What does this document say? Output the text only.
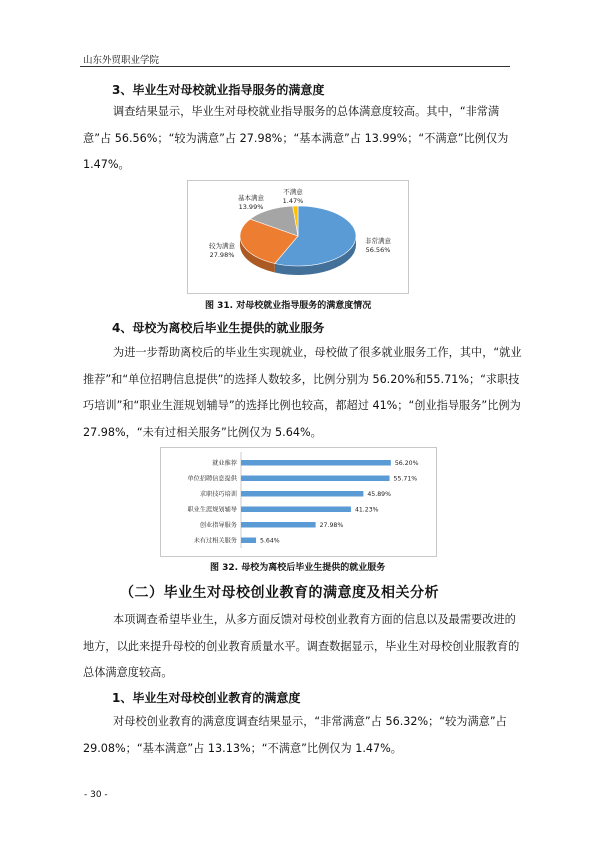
山东外贸职业学院
3、毕业生对母校就业指导服务的满意度
调查结果显示，毕业生对母校就业指导服务的总体满意度较高。其中，“非常满意”占 56.56%；“较为满意”占 27.98%；“基本满意”占 13.99%；“不满意”比例仅为 1.47%。
非常满意
56.56%
较为满意
27.98%
基本满意
13.99%
不满意
1.47%
图 31. 对母校就业指导服务的满意度情况
4、母校为离校后毕业生提供的就业服务
为进一步帮助离校后的毕业生实现就业，母校做了很多就业服务工作，其中，“就业推荐”和“单位招聘信息提供”的选择人数较多，比例分别为 56.20%和55.71%；“求职技巧培训”和“职业生涯规划辅导”的选择比例也较高，都超过 41%；“创业指导服务”比例为 27.98%，“未有过相关服务”比例仅为 5.64%。
就业推荐	56.20%
单位招聘信息提供	55.71%
求职技巧培训	45.89%
职业生涯规划辅导	41.23%
创业指导服务	27.98%
未有过相关服务	5.64%
图 32. 母校为离校后毕业生提供的就业服务
（二）毕业生对母校创业教育的满意度及相关分析
本项调查希望毕业生，从多方面反馈对母校创业教育方面的信息以及最需要改进的地方，以此来提升母校的创业教育质量水平。调查数据显示，毕业生对母校创业服教育的总体满意度较高。
1、毕业生对母校创业教育的满意度
对母校创业教育的满意度调查结果显示，“非常满意”占 56.32%；“较为满意”占 29.08%；“基本满意”占 13.13%；“不满意”比例仅为 1.47%。
- 30 -
